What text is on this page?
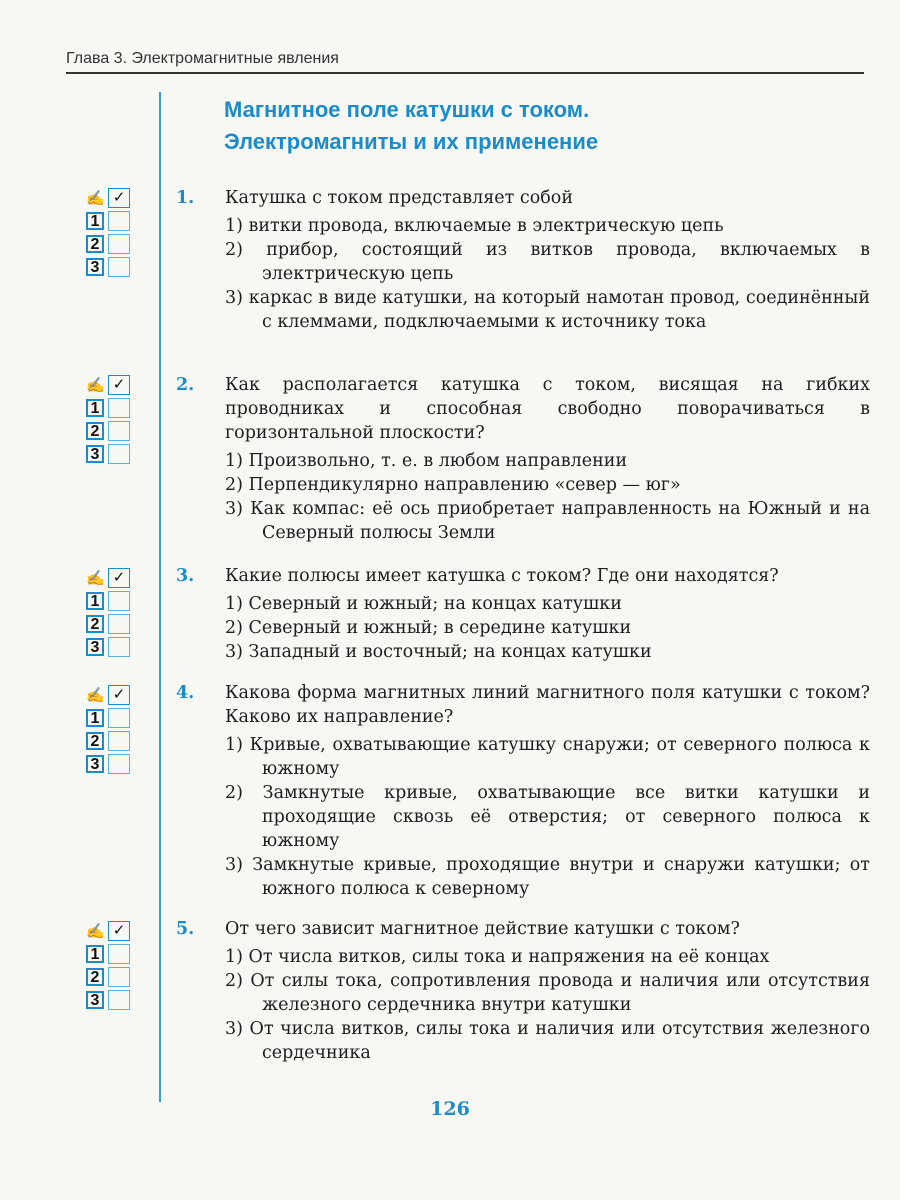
Глава 3. Электромагнитные явления
Магнитное поле катушки с током.
Электромагниты и их применение
✍ ✓
1
2
3
1. Катушка с током представляет собой
1) витки провода, включаемые в электрическую цепь
2) прибор, состоящий из витков провода, включаемых в электрическую цепь
3) каркас в виде катушки, на который намотан провод, соединённый с клеммами, подключаемыми к источнику тока
✍ ✓
1
2
3
2. Как располагается катушка с током, висящая на гибких проводниках и способная свободно поворачиваться в горизонтальной плоскости?
1) Произвольно, т. е. в любом направлении
2) Перпендикулярно направлению «север — юг»
3) Как компас: её ось приобретает направленность на Южный и на Северный полюсы Земли
✍ ✓
1
2
3
3. Какие полюсы имеет катушка с током? Где они находятся?
1) Северный и южный; на концах катушки
2) Северный и южный; в середине катушки
3) Западный и восточный; на концах катушки
✍ ✓
1
2
3
4. Какова форма магнитных линий магнитного поля катушки с током? Каково их направление?
1) Кривые, охватывающие катушку снаружи; от северного полюса к южному
2) Замкнутые кривые, охватывающие все витки катушки и проходящие сквозь её отверстия; от северного полюса к южному
3) Замкнутые кривые, проходящие внутри и снаружи катушки; от южного полюса к северному
✍ ✓
1
2
3
5. От чего зависит магнитное действие катушки с током?
1) От числа витков, силы тока и напряжения на её концах
2) От силы тока, сопротивления провода и наличия или отсутствия железного сердечника внутри катушки
3) От числа витков, силы тока и наличия или отсутствия железного сердечника
126
